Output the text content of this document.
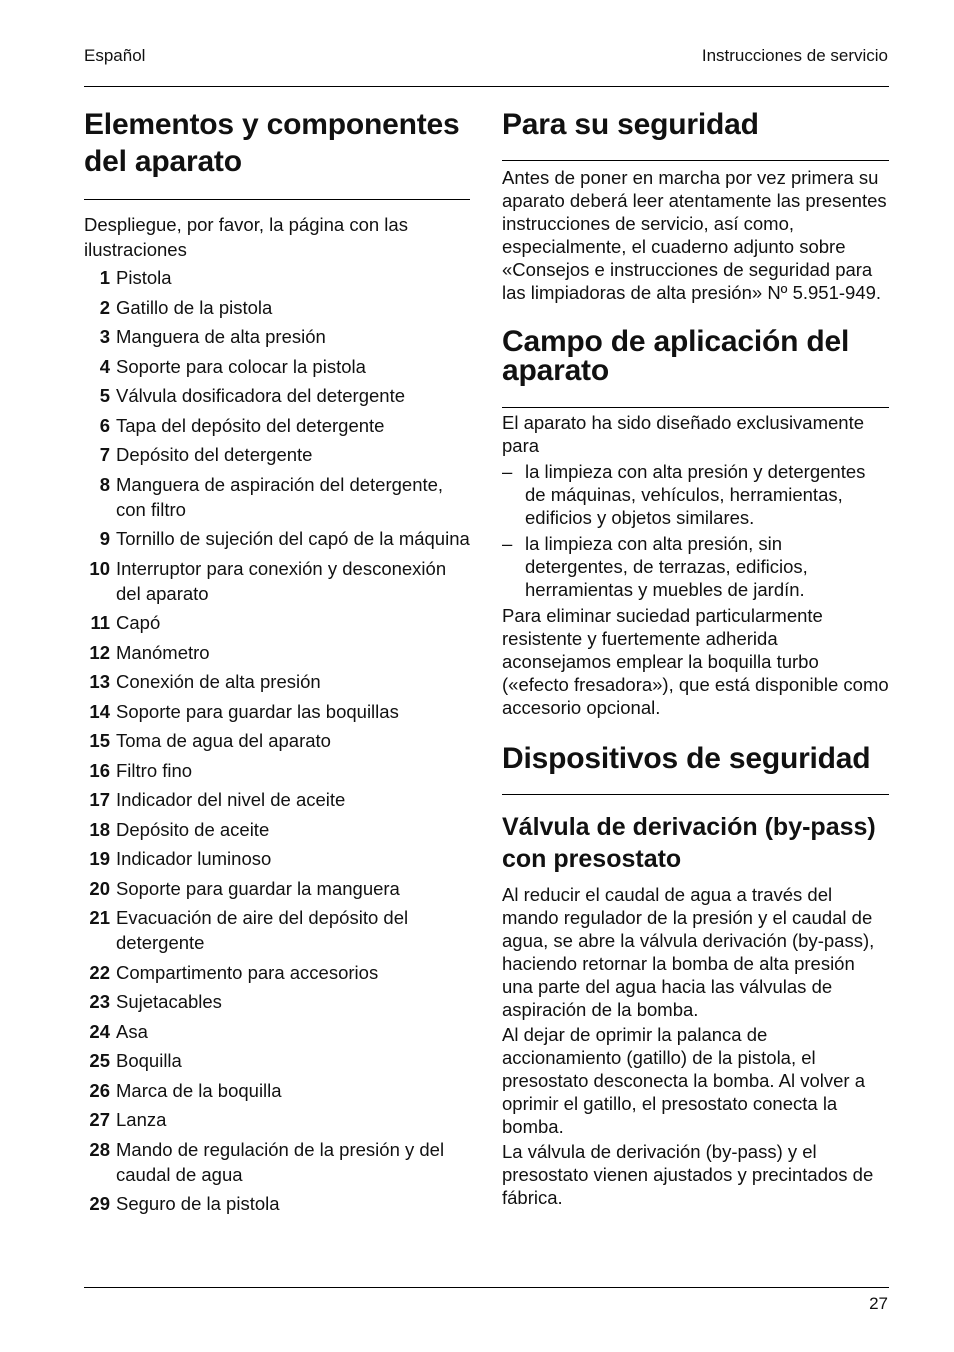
Español	Instrucciones de servicio
Elementos y componentes del aparato

Despliegue, por favor, la página con las ilustraciones

1 Pistola
2 Gatillo de la pistola
3 Manguera de alta presión
4 Soporte para colocar la pistola
5 Válvula dosificadora del detergente
6 Tapa del depósito del detergente
7 Depósito del detergente
8 Manguera de aspiración del detergente, con filtro
9 Tornillo de sujeción del capó de la máquina
10 Interruptor para conexión y desconexión del aparato
11 Capó
12 Manómetro
13 Conexión de alta presión
14 Soporte para guardar las boquillas
15 Toma de agua del aparato
16 Filtro fino
17 Indicador del nivel de aceite
18 Depósito de aceite
19 Indicador luminoso
20 Soporte para guardar la manguera
21 Evacuación de aire del depósito del detergente
22 Compartimento para accesorios
23 Sujetacables
24 Asa
25 Boquilla
26 Marca de la boquilla
27 Lanza
28 Mando de regulación de la presión y del caudal de agua
29 Seguro de la pistola
Para su seguridad

Antes de poner en marcha por vez primera su aparato deberá leer atentamente las presentes instrucciones de servicio, así como, especialmente, el cuaderno adjunto sobre «Consejos e instrucciones de seguridad para las limpiadoras de alta presión» Nº 5.951-949.

Campo de aplicación del aparato

El aparato ha sido diseñado exclusivamente para

– la limpieza con alta presión y detergentes de máquinas, vehículos, herramientas, edificios y objetos similares.
– la limpieza con alta presión, sin detergentes, de terrazas, edificios, herramientas y muebles de jardín.

Para eliminar suciedad particularmente resistente y fuertemente adherida aconsejamos emplear la boquilla turbo («efecto fresadora»), que está disponible como accesorio opcional.

Dispositivos de seguridad
Válvula de derivación (by-pass) con presostato

Al reducir el caudal de agua a través del mando regulador de la presión y el caudal de agua, se abre la válvula derivación (by-pass), haciendo retornar la bomba de alta presión una parte del agua hacia las válvulas de aspiración de la bomba.

Al dejar de oprimir la palanca de accionamiento (gatillo) de la pistola, el presostato desconecta la bomba. Al volver a oprimir el gatillo, el presostato conecta la bomba.

La válvula de derivación (by-pass) y el presostato vienen ajustados y precintados de fábrica.

27
